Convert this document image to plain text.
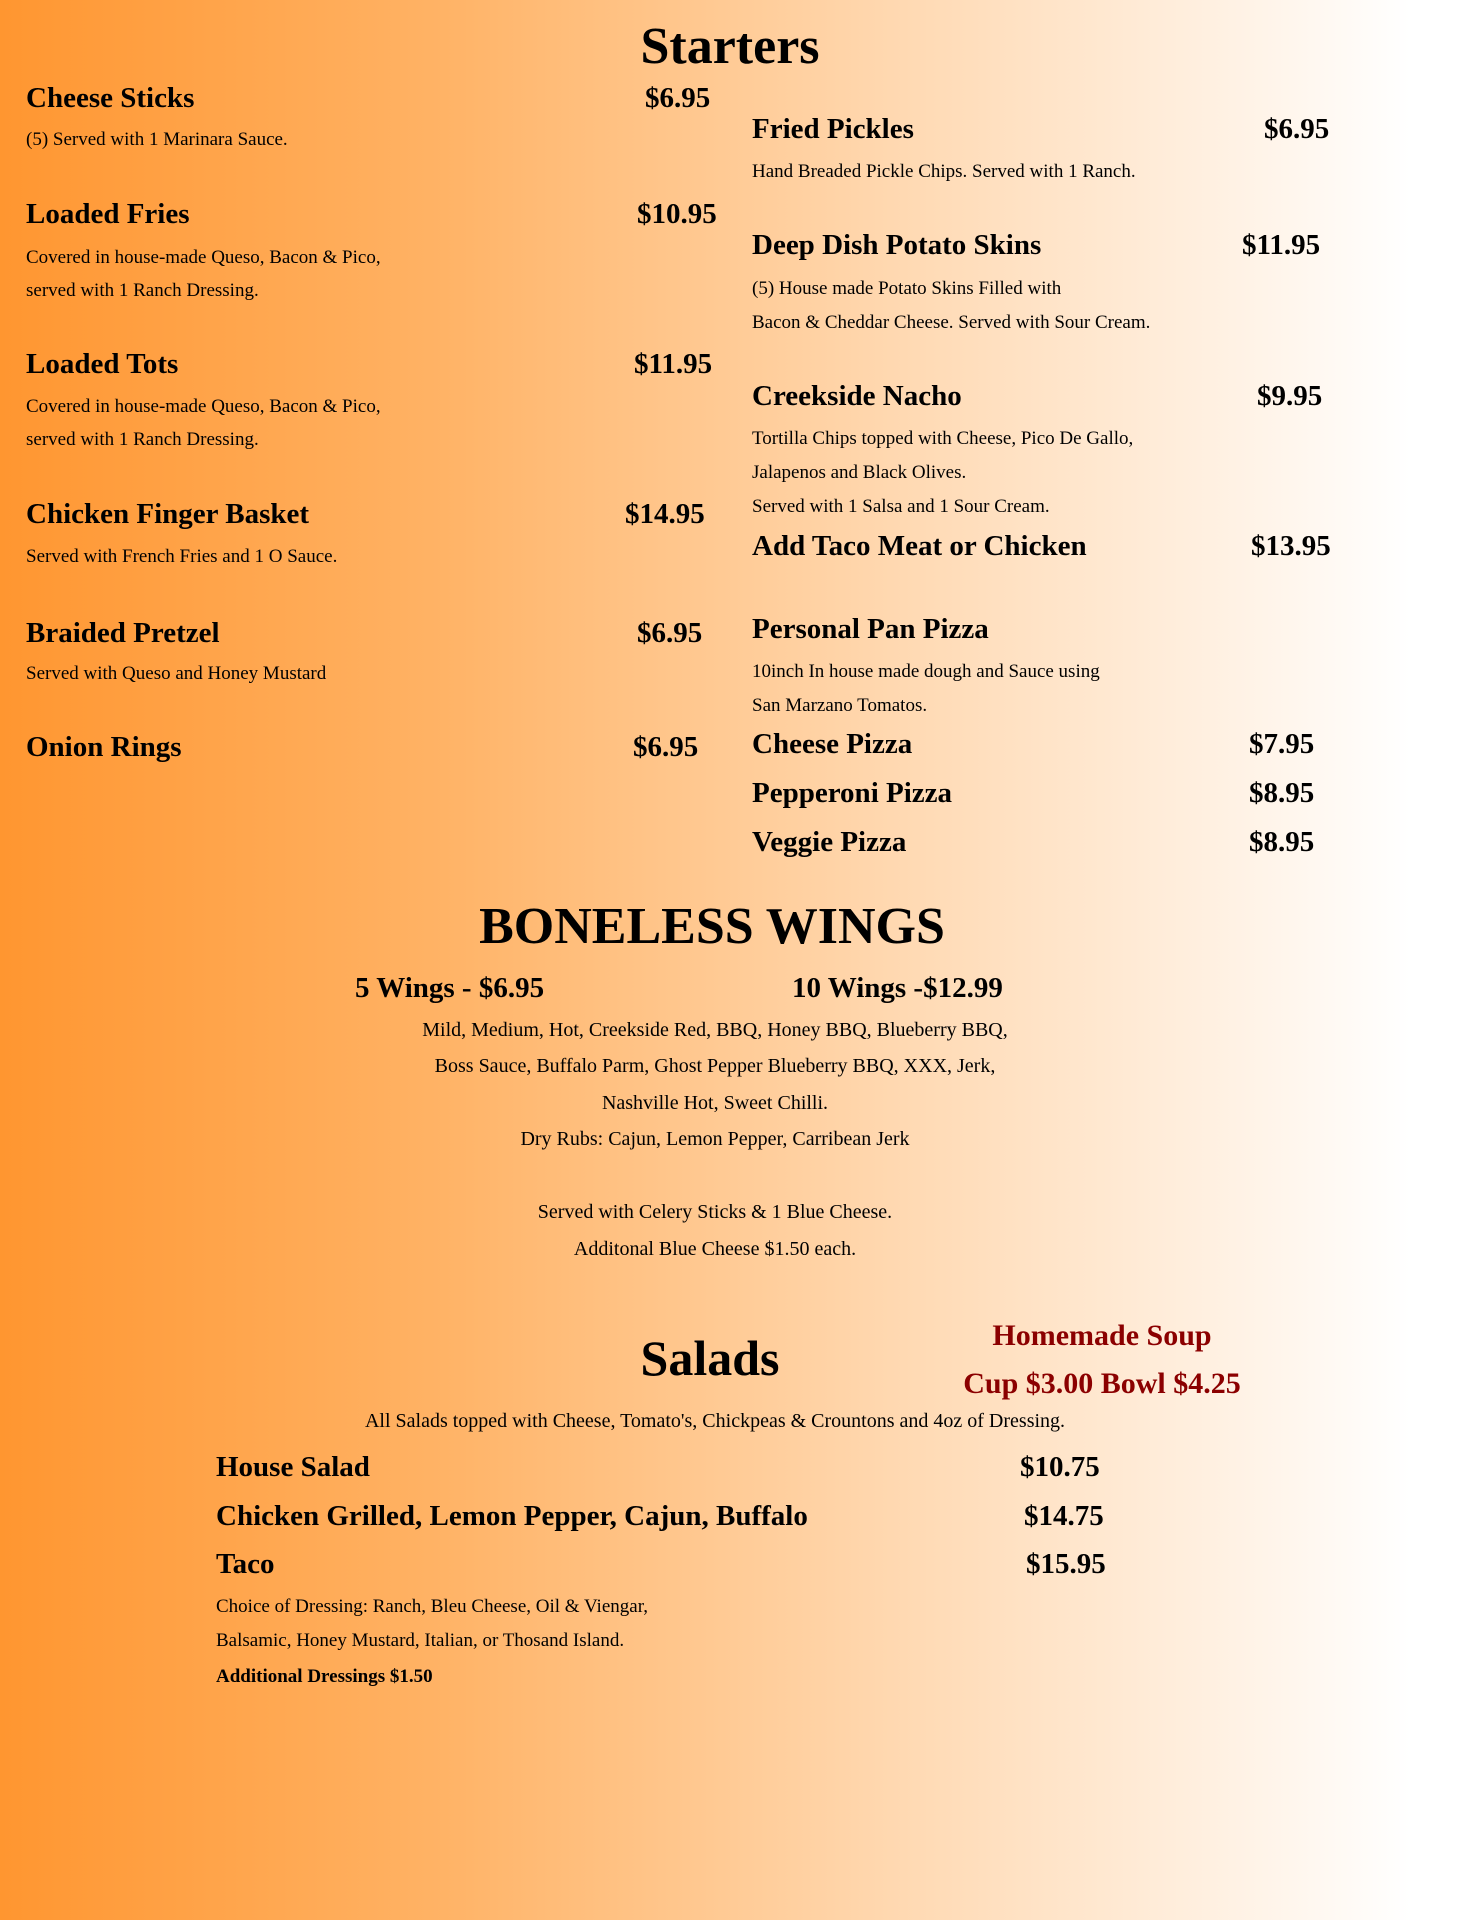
Starters
Cheese Sticks	$6.95
(5) Served with 1 Marinara Sauce.
Loaded Fries	$10.95
Covered in house-made Queso, Bacon & Pico,
served with 1 Ranch Dressing.
Loaded Tots	$11.95
Covered in house-made Queso, Bacon & Pico,
served with 1 Ranch Dressing.
Chicken Finger Basket	$14.95
Served with French Fries and 1 O Sauce.
Braided Pretzel	$6.95
Served with Queso and Honey Mustard
Onion Rings	$6.95
Fried Pickles	$6.95
Hand Breaded Pickle Chips. Served with 1 Ranch.
Deep Dish Potato Skins	$11.95
(5) House made Potato Skins Filled with
Bacon & Cheddar Cheese. Served with Sour Cream.
Creekside Nacho	$9.95
Tortilla Chips topped with Cheese, Pico De Gallo,
Jalapenos and Black Olives.
Served with 1 Salsa and 1 Sour Cream.
Add Taco Meat or Chicken	$13.95
Personal Pan Pizza
10inch In house made dough and Sauce using
San Marzano Tomatos.
Cheese Pizza	$7.95
Pepperoni Pizza	$8.95
Veggie Pizza	$8.95
BONELESS WINGS
5 Wings - $6.95	10 Wings -$12.99
Mild, Medium, Hot, Creekside Red, BBQ, Honey BBQ, Blueberry BBQ,
Boss Sauce, Buffalo Parm, Ghost Pepper Blueberry BBQ, XXX, Jerk,
Nashville Hot, Sweet Chilli.
Dry Rubs: Cajun, Lemon Pepper, Carribean Jerk
Served with Celery Sticks & 1 Blue Cheese.
Additonal Blue Cheese $1.50 each.
Homemade Soup
Cup $3.00 Bowl $4.25
Salads
All Salads topped with Cheese, Tomato's, Chickpeas & Crountons and 4oz of Dressing.
House Salad	$10.75
Chicken Grilled, Lemon Pepper, Cajun, Buffalo	$14.75
Taco	$15.95
Choice of Dressing: Ranch, Bleu Cheese, Oil & Viengar,
Balsamic, Honey Mustard, Italian, or Thosand Island.
Additional Dressings $1.50
